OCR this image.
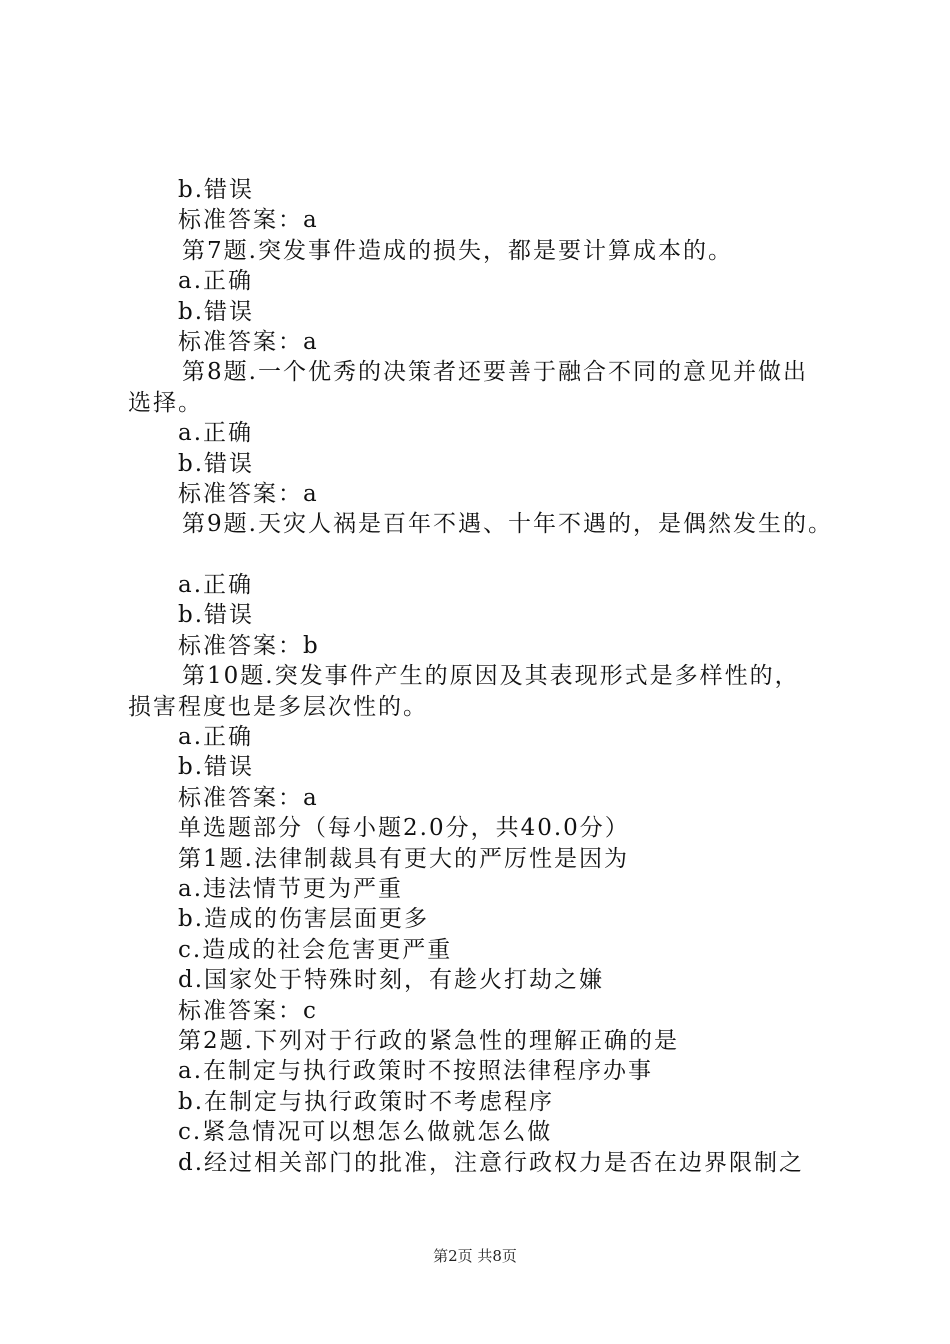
b.错误
标准答案：a
第7题.突发事件造成的损失，都是要计算成本的。
a.正确
b.错误
标准答案：a
第8题.一个优秀的决策者还要善于融合不同的意见并做出
选择。
a.正确
b.错误
标准答案：a
第9题.天灾人祸是百年不遇、十年不遇的，是偶然发生的。
a.正确
b.错误
标准答案：b
第10题.突发事件产生的原因及其表现形式是多样性的，
损害程度也是多层次性的。
a.正确
b.错误
标准答案：a
单选题部分（每小题2.0分，共40.0分）
第1题.法律制裁具有更大的严厉性是因为
a.违法情节更为严重
b.造成的伤害层面更多
c.造成的社会危害更严重
d.国家处于特殊时刻，有趁火打劫之嫌
标准答案：c
第2题.下列对于行政的紧急性的理解正确的是
a.在制定与执行政策时不按照法律程序办事
b.在制定与执行政策时不考虑程序
c.紧急情况可以想怎么做就怎么做
d.经过相关部门的批准，注意行政权力是否在边界限制之
第2页 共8页
